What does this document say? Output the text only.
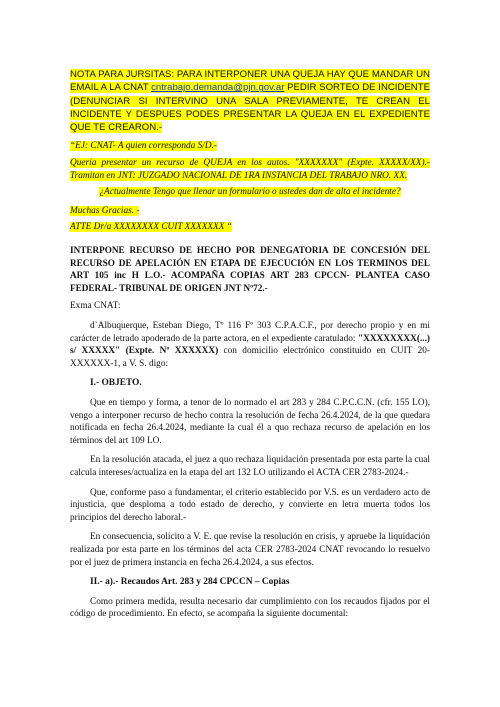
NOTA PARA JURSITAS: PARA INTERPONER UNA QUEJA HAY QUE MANDAR UN EMAIL A LA CNAT cntrabajo.demanda@pjn.gov.ar PEDIR SORTEO DE INCIDENTE (DENUNCIAR SI INTERVINO UNA SALA PREVIAMENTE, TE CREAN EL INCIDENTE Y DESPUES PODES PRESENTAR LA QUEJA EN EL EXPEDIENTE QUE TE CREARON.-

“EJ: CNAT- A quien corresponda S/D.-

Quería presentar un recurso de QUEJA en los autos. "XXXXXXX" (Expte. XXXXX/XX).- Tramitan en JNT: JUZGADO NACIONAL DE 1RA INSTANCIA DEL TRABAJO NRO. XX.

¿Actualmente Tengo que llenar un formulario o ustedes dan de alta el incidente?

Muchas Gracias. -

ATTE Dr/a XXXXXXXX CUIT XXXXXXX “

INTERPONE RECURSO DE HECHO POR DENEGATORIA DE CONCESIÓN DEL RECURSO DE APELACIÓN EN ETAPA DE EJECUCIÓN EN LOS TERMINOS DEL ART 105 inc H L.O.- ACOMPAÑA COPIAS ART 283 CPCCN- PLANTEA CASO FEDERAL- TRIBUNAL DE ORIGEN JNT Nº72.-

Exma CNAT:

d`Albuquerque, Esteban Diego, Tº 116 Fº 303 C.P.A.C.F., por derecho propio y en mi carácter de letrado apoderado de la parte actora, en el expediente caratulado: "XXXXXXXX(...) s/ XXXXX" (Expte. Nº XXXXXX) con domicilio electrónico constituido en CUIT 20-XXXXXX-1, a V. S. digo:

I.- OBJETO.

Que en tiempo y forma, a tenor de lo normado el art 283 y 284 C.P.C.C.N. (cfr. 155 LO), vengo a interponer recurso de hecho contra la resolución de fecha 26.4.2024, de la que quedara notificada en fecha 26.4.2024, mediante la cual él a quo rechaza recurso de apelación en los términos del art 109 LO.

En la resolución atacada, el juez a quo rechaza liquidación presentada por esta parte la cual calcula intereses/actualiza en la etapa del art 132 LO utilizando el ACTA CER 2783-2024.-

Que, conforme paso a fundamentar, el criterio establecido por V.S. es un verdadero acto de injusticia, que desploma a todo estado de derecho, y convierte en letra muerta todos los principios del derecho laboral.-

En consecuencia, solicito a V. E. que revise la resolución en crisis, y apruebe la liquidación realizada por esta parte en los términos del acta CER 2783-2024 CNAT revocando lo resuelvo por el juez de primera instancia en fecha 26.4.2024, a sus efectos.

II.- a).- Recaudos Art. 283 y 284 CPCCN – Copias

Como primera medida, resulta necesario dar cumplimiento con los recaudos fijados por el código de procedimiento. En efecto, se acompaña la siguiente documental:
